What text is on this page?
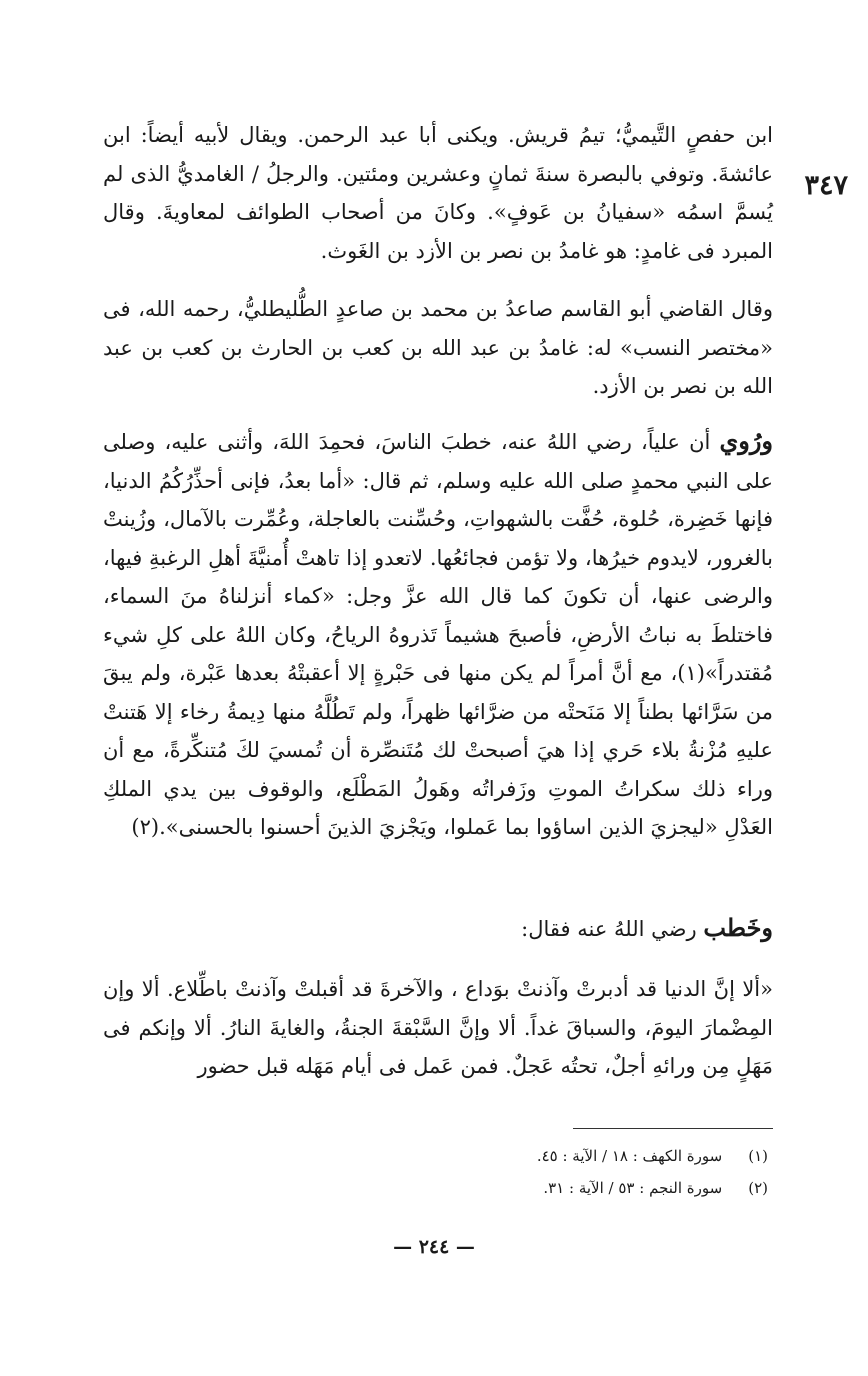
٣٤٧

ابن حفصٍ التَّيميُّ؛ تيمُ قريش. ويكنى أبا عبد الرحمن. ويقال لأبيه أيضاً: ابن عائشةَ. وتوفي بالبصرة سنةَ ثمانٍ وعشرين ومئتين. والرجلُ / الغامديُّ الذى لم يُسمَّ اسمُه «سفيانُ بن عَوفٍ». وكانَ من أصحاب الطوائف لمعاويةَ. وقال المبرد فى غامدٍ: هو غامدُ بن نصر بن الأزد بن الغَوث.

وقال القاضي أبو القاسم صاعدُ بن محمد بن صاعدٍ الطُّليطليُّ، رحمه الله، فى «مختصر النسب» له: غامدُ بن عبد الله بن كعب بن الحارث بن كعب بن عبد الله بن نصر بن الأزد.

ورُوي أن علياً، رضي اللهُ عنه، خطبَ الناسَ، فحمِدَ اللهَ، وأثنى عليه، وصلى على النبي محمدٍ صلى الله عليه وسلم، ثم قال: «أما بعدُ، فإنى أحذِّرُكُمُ الدنيا، فإنها خَضِرة، حُلوة، حُفَّت بالشهواتِ، وحُسِّنت بالعاجلة، وعُمِّرت بالآمال، وزُينتْ بالغرور، لايدوم خيرُها، ولا تؤمن فجائعُها. لاتعدو إذا تاهتْ أُمنيَّةَ أهلِ الرغبةِ فيها، والرضى عنها، أن تكونَ كما قال الله عزَّ وجل: «كماء أنزلناهُ منَ السماء، فاختلطَ به نباتُ الأرضِ، فأصبحَ هشيماً تَذروهُ الرياحُ، وكان اللهُ على كلِ شيء مُقتدراً»(١)، مع أنَّ أمراً لم يكن منها فى حَبْرةٍ إلا أعقبتْهُ بعدها عَبْرة، ولم يبقَ من سَرَّائها بطناً إلا مَنَحتْه من ضرَّائها ظهراً، ولم تَطُلَّهُ منها دِيمةُ رخاء إلا هَتنتْ عليهِ مُزْنةُ بلاء حَري إذا هيَ أصبحتْ لك مُتَنصِّرة أن تُمسيَ لكَ مُتنكِّرةً، مع أن وراء ذلك سكراتُ الموتِ وزَفراتُه وهَولُ المَطْلَع، والوقوف بين يدي الملكِ العَدْلِ «ليجزيَ الذين اساؤوا بما عَملوا، ويَجْزيَ الذينَ أحسنوا بالحسنى».(٢)

وخَطب رضي اللهُ عنه فقال:

«ألا إنَّ الدنيا قد أدبرتْ وآذنتْ بوَداع ، والآخرةَ قد أقبلتْ وآذنتْ باطِّلاع. ألا وإن المِضْمارَ اليومَ، والسباقَ غداً. ألا وإنَّ السَّبْقةَ الجنةُ، والغايةَ النارُ. ألا وإنكم فى مَهَلٍ مِن ورائهِ أجلٌ، تحتُه عَجلٌ. فمن عَمل فى أيام مَهَله قبل حضور

(١)
سورة الكهف : ١٨ / الآية : ٤٥.
(٢)
سورة النجم : ٥٣ / الآية : ٣١.
— ٢٤٤ —
